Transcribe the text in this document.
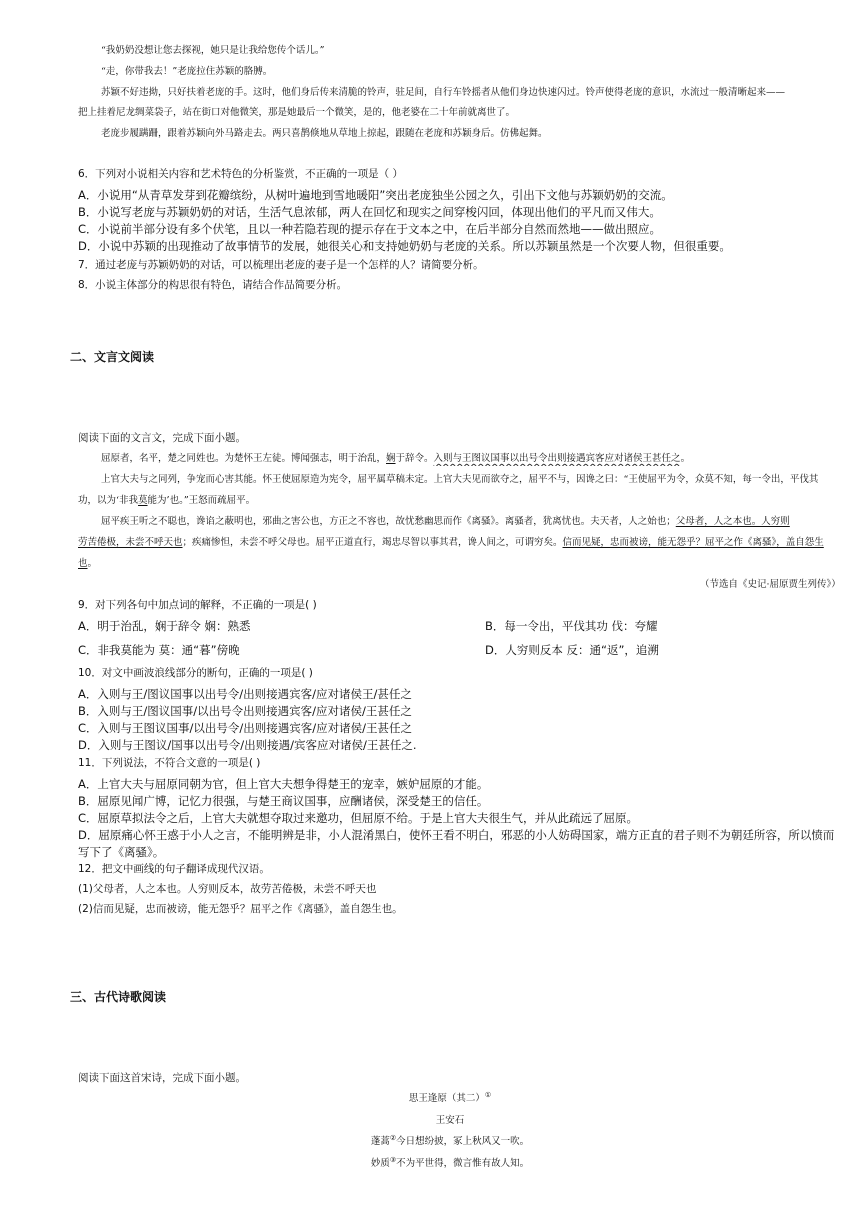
“我奶奶没想让您去探视，她只是让我给您传个话儿。”
“走，你带我去！”老庞拉住苏颖的胳膊。
苏颖不好违拗，只好扶着老庞的手。这时，他们身后传来清脆的铃声，驻足间，自行车铃摇者从他们身边快速闪过。铃声使得老庞的意识，水流过一般清晰起来——
把上挂着尼龙绸菜袋子，站在街口对他微笑，那是她最后一个微笑，是的，他老婆在二十年前就离世了。
老庞步履蹒跚，跟着苏颖向外马路走去。两只喜鹊倏地从草地上掠起，跟随在老庞和苏颖身后。仿佛起舞。
6．下列对小说相关内容和艺术特色的分析鉴赏，不正确的一项是（ ）
A．小说用“从青草发芽到花瓣缤纷，从树叶遍地到雪地暖阳”突出老庞独坐公园之久，引出下文他与苏颖奶奶的交流。
B．小说写老庞与苏颖奶奶的对话，生活气息浓郁，两人在回忆和现实之间穿梭闪回，体现出他们的平凡而又伟大。
C．小说前半部分设有多个伏笔，且以一种若隐若现的提示存在于文本之中，在后半部分自然而然地——做出照应。
D．小说中苏颖的出现推动了故事情节的发展，她很关心和支持她奶奶与老庞的关系。所以苏颖虽然是一个次要人物，但很重要。
7．通过老庞与苏颖奶奶的对话，可以梳理出老庞的妻子是一个怎样的人？请简要分析。
8．小说主体部分的构思很有特色，请结合作品简要分析。
二、文言文阅读
阅读下面的文言文，完成下面小题。
屈原者，名平，楚之同姓也。为楚怀王左徒。博闻强志，明于治乱，娴于辞令。入则与王图议国事以出号令出则接遇宾客应对诸侯王甚任之。
上官大夫与之同列，争宠而心害其能。怀王使屈原造为宪令，屈平属草稿未定。上官大夫见而欲夺之，屈平不与，因谗之曰：“王使屈平为令，众莫不知，每一令出，平伐其
功，以为‘非我莫能为’也。”王怒而疏屈平。
屈平疾王听之不聪也，谗谄之蔽明也，邪曲之害公也，方正之不容也，故忧愁幽思而作《离骚》。离骚者，犹离忧也。夫天者，人之始也；父母者，人之本也。人穷则
劳苦倦极，未尝不呼天也；疾痛惨怛，未尝不呼父母也。屈平正道直行，竭忠尽智以事其君，谗人间之，可谓穷矣。信而见疑，忠而被谤，能无怨乎？屈平之作《离骚》，盖自怨生
也。
（节选自《史记·屈原贾生列传》）
9．对下列各句中加点词的解释，不正确的一项是( )
A．明于治乱，娴于辞令 娴：熟悉	B．每一令出，平伐其功 伐：夸耀
C．非我莫能为 莫：通“暮”傍晚	D．人穷则反本 反：通“返”，追溯
10．对文中画波浪线部分的断句，正确的一项是( )
A．入则与王/图议国事以出号令/出则接遇宾客/应对诸侯王/甚任之
B．入则与王/图议国事/以出号令出则接遇宾客/应对诸侯/王甚任之
C．入则与王图议国事/以出号令/出则接遇宾客/应对诸侯/王甚任之
D．入则与王图议/国事以出号令/出则接遇/宾客应对诸侯/王甚任之.
11．下列说法，不符合文意的一项是( )
A．上官大夫与屈原同朝为官，但上官大夫想争得楚王的宠幸，嫉妒屈原的才能。
B．屈原见闻广博，记忆力很强，与楚王商议国事，应酬诸侯，深受楚王的信任。
C．屈原草拟法令之后，上官大夫就想夺取过来邀功，但屈原不给。于是上官大夫很生气，并从此疏远了屈原。
D．屈原痛心怀王惑于小人之言，不能明辨是非，小人混淆黑白，使怀王看不明白，邪恶的小人妨碍国家，端方正直的君子则不为朝廷所容，所以愤而
写下了《离骚》。
12．把文中画线的句子翻译成现代汉语。
(1)父母者，人之本也。人穷则反本，故劳苦倦极，未尝不呼天也
(2)信而见疑，忠而被谤，能无怨乎？屈平之作《离骚》，盖自怨生也。
三、古代诗歌阅读
阅读下面这首宋诗，完成下面小题。
思王逢原（其二）①
王安石
蓬蒿②今日想纷披，冢上秋风又一吹。
妙质③不为平世得，微言惟有故人知。
